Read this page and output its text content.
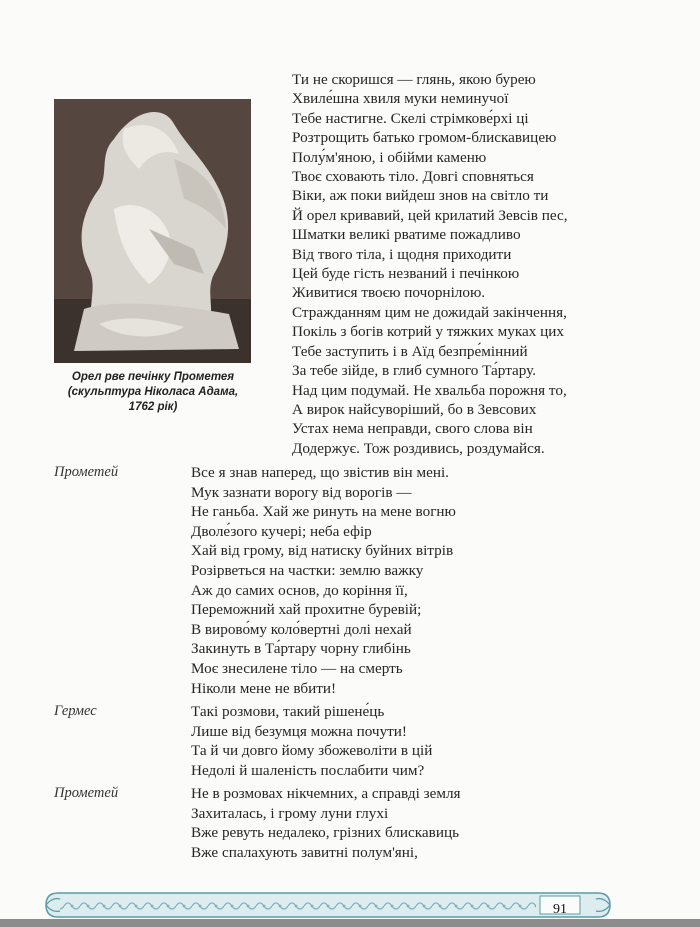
Орел рве печінку Прометея
(скульптура Ніколаса Адама,
1762 рік)
Ти не скоришся — глянь, якою бурею
Хвиле́шна хвиля муки неминучої
Тебе настигне. Скелі стрімкове́рхі ці
Розтрощить батько громом-блискавицею
Полу́м'яною, і обійми каменю
Твоє сховають тіло. Довгі сповняться
Віки, аж поки вийдеш знов на світло ти
Й орел кривавий, цей крилатий Зевсів пес,
Шматки великі рватиме пожадливо
Від твого тіла, і щодня приходити
Цей буде гість незваний і печінкою
Живитися твоєю почорнілою.
Стражданням цим не дожидай закінчення,
Покіль з богів котрий у тяжких муках цих
Тебе заступить і в Аїд безпре́мінний
За тебе зійде, в глиб сумного Та́ртару.
Над цим подумай. Не хвальба порожня то,
А вирок найсуворіший, бо в Зевсових
Устах нема неправди, свого слова він
Додержує. Тож роздивись, роздумайся.
Прометей	Все я знав наперед, що звістив він мені.
Мук зазнати ворогу від ворогів —
Не ганьба. Хай же ринуть на мене вогню
Дволе́зого кучері; неба ефір
Хай від грому, від натиску буйних вітрів
Розірветься на частки: землю важку
Аж до самих основ, до коріння її,
Переможний хай прохитне буревій;
В вирово́му коло́вертні долі нехай
Закинуть в Та́ртару чорну глибінь
Моє знесилене тіло — на смерть
Ніколи мене не вбити!
Гермес	Такі розмови, такий рішене́ць
Лише від безумця можна почути!
Та й чи довго йому збожеволіти в цій
Недолі й шаленість послабити чим?
Прометей	Не в розмовах нікчемних, а справді земля
Захиталась, і грому луни глухі
Вже ревуть недалеко, грізних блискавиць
Вже спалахують завитні полум'яні,
91
